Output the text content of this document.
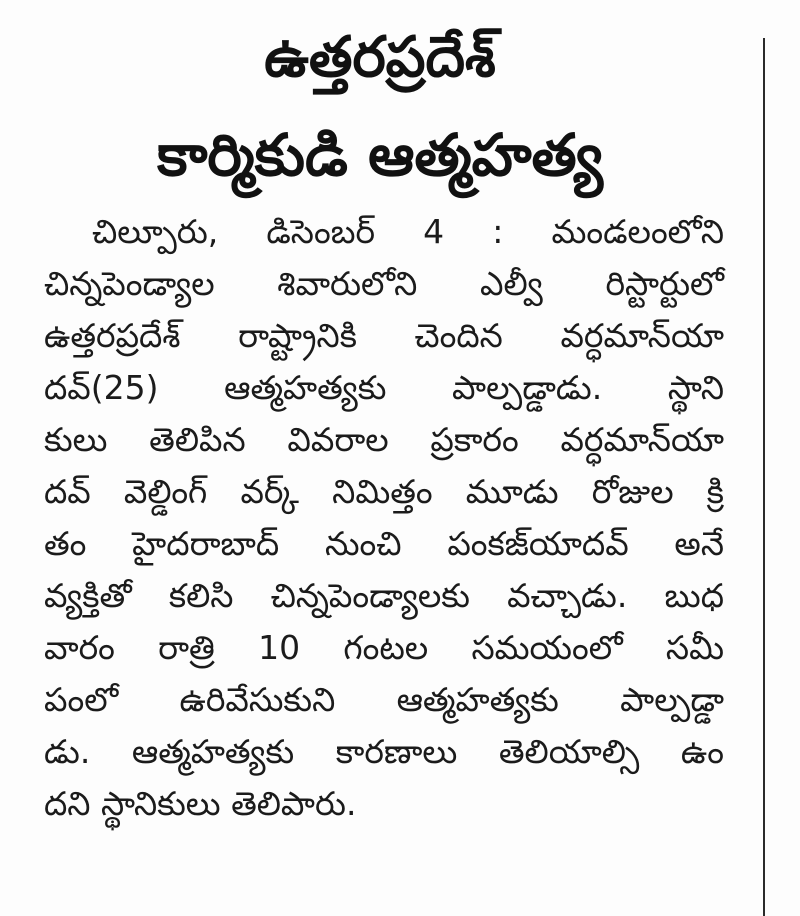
ఉత్తరప్రదేశ్
కార్మికుడి ఆత్మహత్య
చిల్పూరు, డిసెంబర్ 4 : మండలంలోని
చిన్నపెండ్యాల శివారులోని ఎల్వీ రిస్టార్టులో
ఉత్తరప్రదేశ్ రాష్ట్రానికి చెందిన వర్ధమాన్‌యా
దవ్(25) ఆత్మహత్యకు పాల్పడ్డాడు. స్థాని
కులు తెలిపిన వివరాల ప్రకారం వర్ధమాన్‌యా
దవ్ వెల్డింగ్ వర్క్ నిమిత్తం మూడు రోజుల క్రి
తం హైదరాబాద్ నుంచి పంకజ్‌యాదవ్ అనే
వ్యక్తితో కలిసి చిన్నపెండ్యాలకు వచ్చాడు. బుధ
వారం రాత్రి 10 గంటల సమయంలో సమీ
పంలో ఉరివేసుకుని ఆత్మహత్యకు పాల్పడ్డా
డు. ఆత్మహత్యకు కారణాలు తెలియాల్సి ఉం
దని స్థానికులు తెలిపారు.
